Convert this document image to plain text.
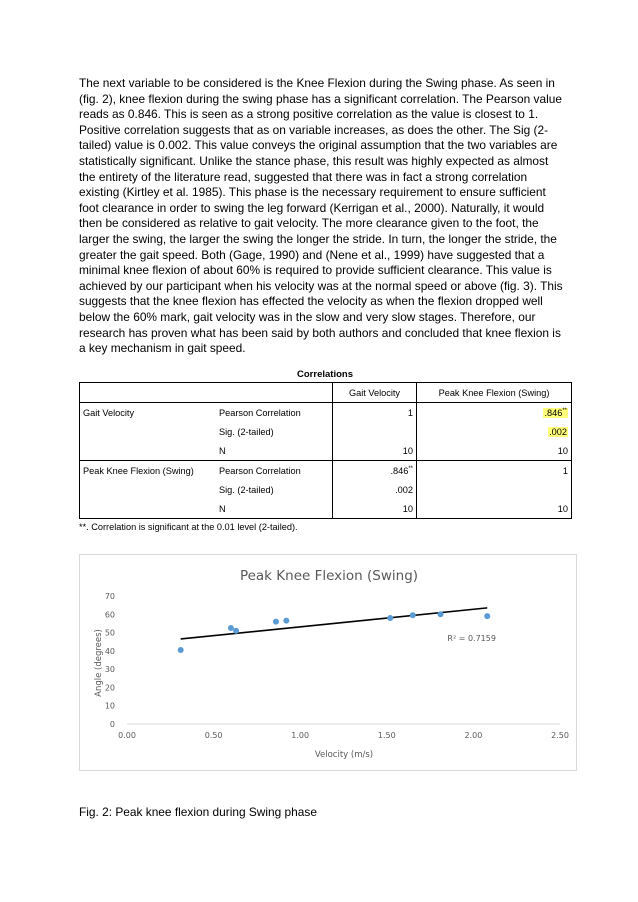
The next variable to be considered is the Knee Flexion during the Swing phase. As seen in (fig. 2), knee flexion during the swing phase has a significant correlation. The Pearson value reads as 0.846. This is seen as a strong positive correlation as the value is closest to 1. Positive correlation suggests that as on variable increases, as does the other. The Sig (2-tailed) value is 0.002. This value conveys the original assumption that the two variables are statistically significant. Unlike the stance phase, this result was highly expected as almost the entirety of the literature read, suggested that there was in fact a strong correlation existing (Kirtley et al. 1985). This phase is the necessary requirement to ensure sufficient foot clearance in order to swing the leg forward (Kerrigan et al., 2000). Naturally, it would then be considered as relative to gait velocity. The more clearance given to the foot, the larger the swing, the larger the swing the longer the stride. In turn, the longer the stride, the greater the gait speed. Both (Gage, 1990) and (Nene et al., 1999) have suggested that a minimal knee flexion of about 60% is required to provide sufficient clearance. This value is achieved by our participant when his velocity was at the normal speed or above (fig. 3). This suggests that the knee flexion has effected the velocity as when the flexion dropped well below the 60% mark, gait velocity was in the slow and very slow stages. Therefore, our research has proven what has been said by both authors and concluded that knee flexion is a key mechanism in gait speed.

Correlations
		Gait Velocity	Peak Knee Flexion (Swing)
Gait Velocity	Pearson Correlation	1	.846**
	Sig. (2-tailed)		.002
	N	10	10
Peak Knee Flexion (Swing)	Pearson Correlation	.846**	1
	Sig. (2-tailed)	.002	
	N	10	10
**. Correlation is significant at the 0.01 level (2-tailed).
Peak Knee Flexion (Swing)
0
10
20
30
40
50
60
70
0.00	0.50	1.00	1.50	2.00	2.50
R² = 0.7159
Velocity (m/s)
Angle (degrees)
Fig. 2: Peak knee flexion during Swing phase
